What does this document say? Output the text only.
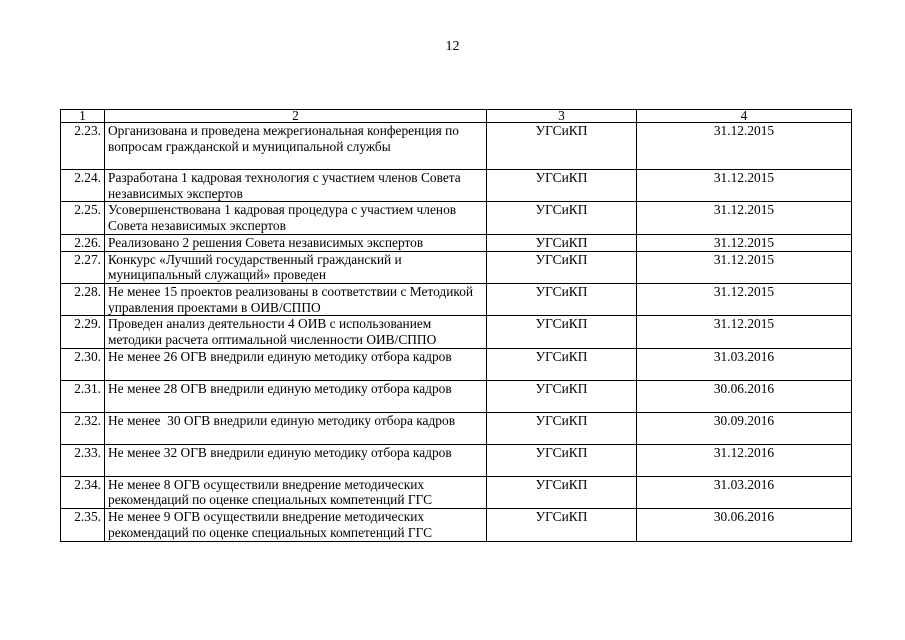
12
1	2	3	4
2.23.	Организована и проведена межрегиональная конференция по вопросам гражданской и муниципальной службы	УГСиКП	31.12.2015
2.24.	Разработана 1 кадровая технология с участием членов Совета независимых экспертов	УГСиКП	31.12.2015
2.25.	Усовершенствована 1 кадровая процедура с участием членов Совета независимых экспертов	УГСиКП	31.12.2015
2.26.	Реализовано 2 решения Совета независимых экспертов	УГСиКП	31.12.2015
2.27.	Конкурс «Лучший государственный гражданский и муниципальный служащий» проведен	УГСиКП	31.12.2015
2.28.	Не менее 15 проектов реализованы в соответствии с Методикой управления проектами в ОИВ/СППО	УГСиКП	31.12.2015
2.29.	Проведен анализ деятельности 4 ОИВ с использованием методики расчета оптимальной численности ОИВ/СППО	УГСиКП	31.12.2015
2.30.	Не менее 26 ОГВ внедрили единую методику отбора кадров	УГСиКП	31.03.2016
2.31.	Не менее 28 ОГВ внедрили единую методику отбора кадров	УГСиКП	30.06.2016
2.32.	Не менее  30 ОГВ внедрили единую методику отбора кадров	УГСиКП	30.09.2016
2.33.	Не менее 32 ОГВ внедрили единую методику отбора кадров	УГСиКП	31.12.2016
2.34.	Не менее 8 ОГВ осуществили внедрение методических рекомендаций по оценке специальных компетенций ГГС	УГСиКП	31.03.2016
2.35.	Не менее 9 ОГВ осуществили внедрение методических рекомендаций по оценке специальных компетенций ГГС	УГСиКП	30.06.2016
